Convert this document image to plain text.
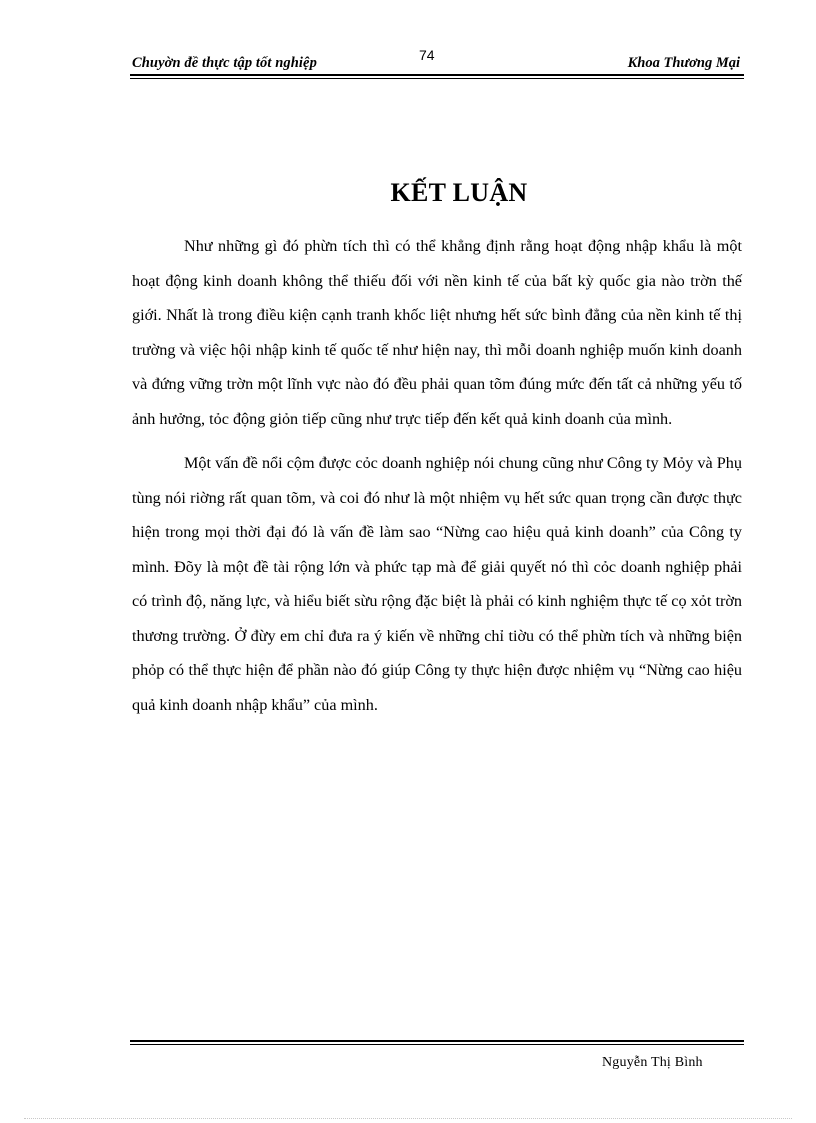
Chuyờn đề thực tập tốt nghiệp	74	Khoa Thương Mại
KẾT LUẬN

Như những gì đó phừn tích thì có thể khẳng định rằng hoạt động nhập khẩu là một hoạt động kinh doanh không thể thiếu đối với nền kinh tế của bất kỳ quốc gia nào trờn thế giới. Nhất là trong điều kiện cạnh tranh khốc liệt nhưng hết sức bình đẳng của nền kinh tế thị trường và việc hội nhập kinh tế quốc tế như hiện nay, thì mỗi doanh nghiệp muốn kinh doanh và đứng vững trờn một lĩnh vực nào đó đều phải quan tõm đúng mức đến tất cả những yếu tố ảnh hưởng, tỏc động giỏn tiếp cũng như trực tiếp đến kết quả kinh doanh của mình.

Một vấn đề nổi cộm được cỏc doanh nghiệp nói chung cũng như Công ty Mỏy và Phụ tùng nói riờng rất quan tõm, và coi đó như là một nhiệm vụ hết sức quan trọng cần được thực hiện trong mọi thời đại đó là vấn đề làm sao “Nừng cao hiệu quả kinh doanh” của Công ty mình. Đõy là một đề tài rộng lớn và phức tạp mà để giải quyết nó thì cỏc doanh nghiệp phải có trình độ, năng lực, và hiểu biết sừu rộng đặc biệt là phải có kinh nghiệm thực tế cọ xỏt trờn thương trường. Ở đừy em chỉ đưa ra ý kiến về những chỉ tiờu có thể phừn tích và những biện phỏp có thể thực hiện để phần nào đó giúp Công ty thực hiện được nhiệm vụ “Nừng cao hiệu quả kinh doanh nhập khẩu” của mình.

Nguyễn Thị Bình
